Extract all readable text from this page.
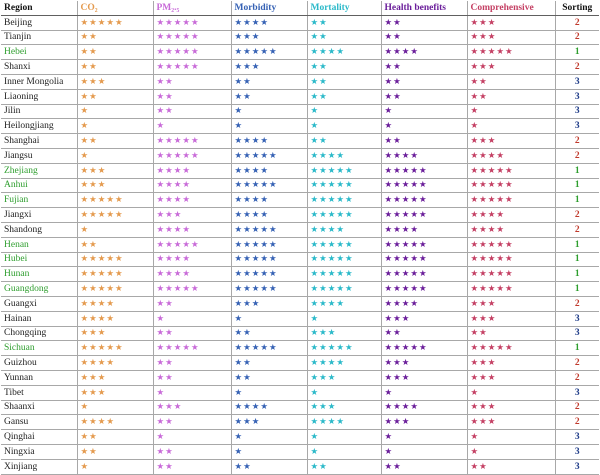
Region	CO₂	PM₂.₅	Morbidity	Mortality	Health benefits	Comprehensive	Sorting
Beijing	★★★★★	★★★★★	★★★★	★★	★★	★★★	2
Tianjin	★★	★★★★★	★★★	★★	★★	★★★	2
Hebei	★★	★★★★★	★★★★★	★★★★	★★★★	★★★★★	1
Shanxi	★★	★★★★★	★★★	★★	★★	★★★	2
Inner Mongolia	★★★	★★	★★	★★	★★	★★	3
Liaoning	★★	★★	★★	★★	★★	★★	3
Jilin	★	★★	★	★	★	★	3
Heilongjiang	★	★	★	★	★	★	3
Shanghai	★★	★★★★★	★★★★	★★	★★	★★★	2
Jiangsu	★	★★★★★	★★★★★	★★★★	★★★★	★★★★	2
Zhejiang	★★★	★★★★	★★★★	★★★★★	★★★★★	★★★★★	1
Anhui	★★★	★★★★	★★★★★	★★★★★	★★★★★	★★★★★	1
Fujian	★★★★★	★★★★	★★★★	★★★★★	★★★★★	★★★★★	1
Jiangxi	★★★★★	★★★	★★★★	★★★★★	★★★★★	★★★★	2
Shandong	★	★★★★	★★★★★	★★★★	★★★★	★★★★	2
Henan	★★	★★★★★	★★★★★	★★★★★	★★★★★	★★★★★	1
Hubei	★★★★★	★★★★	★★★★★	★★★★★	★★★★★	★★★★★	1
Hunan	★★★★★	★★★★	★★★★★	★★★★★	★★★★★	★★★★★	1
Guangdong	★★★★★	★★★★★	★★★★★	★★★★★	★★★★★	★★★★★	1
Guangxi	★★★★	★★	★★★	★★★★	★★★★	★★★	2
Hainan	★★★★	★	★	★	★★★	★★★	3
Chongqing	★★★	★★	★★	★★★	★★	★★	3
Sichuan	★★★★★	★★★★★	★★★★★	★★★★★	★★★★★	★★★★★	1
Guizhou	★★★★	★★	★★	★★★★	★★★	★★★	2
Yunnan	★★★	★★	★★	★★★	★★★	★★★	2
Tibet	★★★	★	★	★	★	★	3
Shaanxi	★	★★★	★★★★	★★★	★★★★	★★★	2
Gansu	★★★★	★★	★★★	★★★★	★★★	★★★	2
Qinghai	★★	★	★	★	★	★	3
Ningxia	★★	★★	★	★	★	★	3
Xinjiang	★	★★	★★	★★	★★	★★	3
